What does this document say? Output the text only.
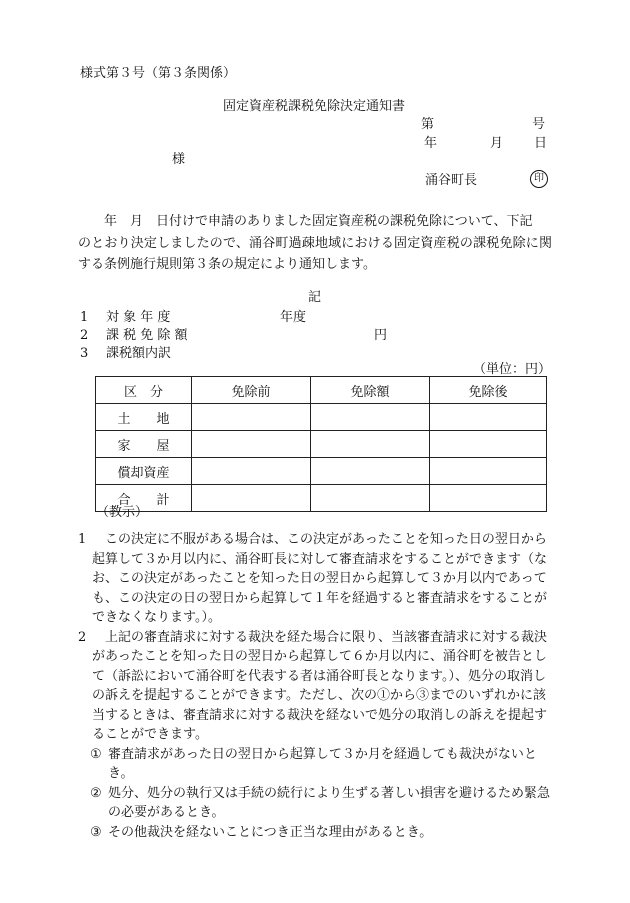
様式第３号（第３条関係）
固定資産税課税免除決定通知書
第	号
年	月 日
様
涌谷町長	印

年　月　日付けで申請のありました固定資産税の課税免除について、下記

のとおり決定しましたので、涌谷町過疎地域における固定資産税の課税免除に関する条例施行規則第３条の規定により通知します。

記
1 対 象 年 度	年度
2 課 税 免 除 額	円
3 課税額内訳
（単位：円）
区　分	免除前	免除額	免除後
土　　地			
家　　屋			
償却資産			
合　　計			
（教示）
1	この決定に不服がある場合は、この決定があったことを知った日の翌日から起算して３か月以内に、涌谷町長に対して審査請求をすることができます（なお、この決定があったことを知った日の翌日から起算して３か月以内であっても、この決定の日の翌日から起算して１年を経過すると審査請求をすることができなくなります。）。
2	上記の審査請求に対する裁決を経た場合に限り、当該審査請求に対する裁決があったことを知った日の翌日から起算して６か月以内に、涌谷町を被告として（訴訟において涌谷町を代表する者は涌谷町長となります。）、処分の取消しの訴えを提起することができます。ただし、次の①から③までのいずれかに該当するときは、審査請求に対する裁決を経ないで処分の取消しの訴えを提起することができます。
① 審査請求があった日の翌日から起算して３か月を経過しても裁決がないとき。
② 処分、処分の執行又は手続の続行により生ずる著しい損害を避けるため緊急の必要があるとき。
③ その他裁決を経ないことにつき正当な理由があるとき。
